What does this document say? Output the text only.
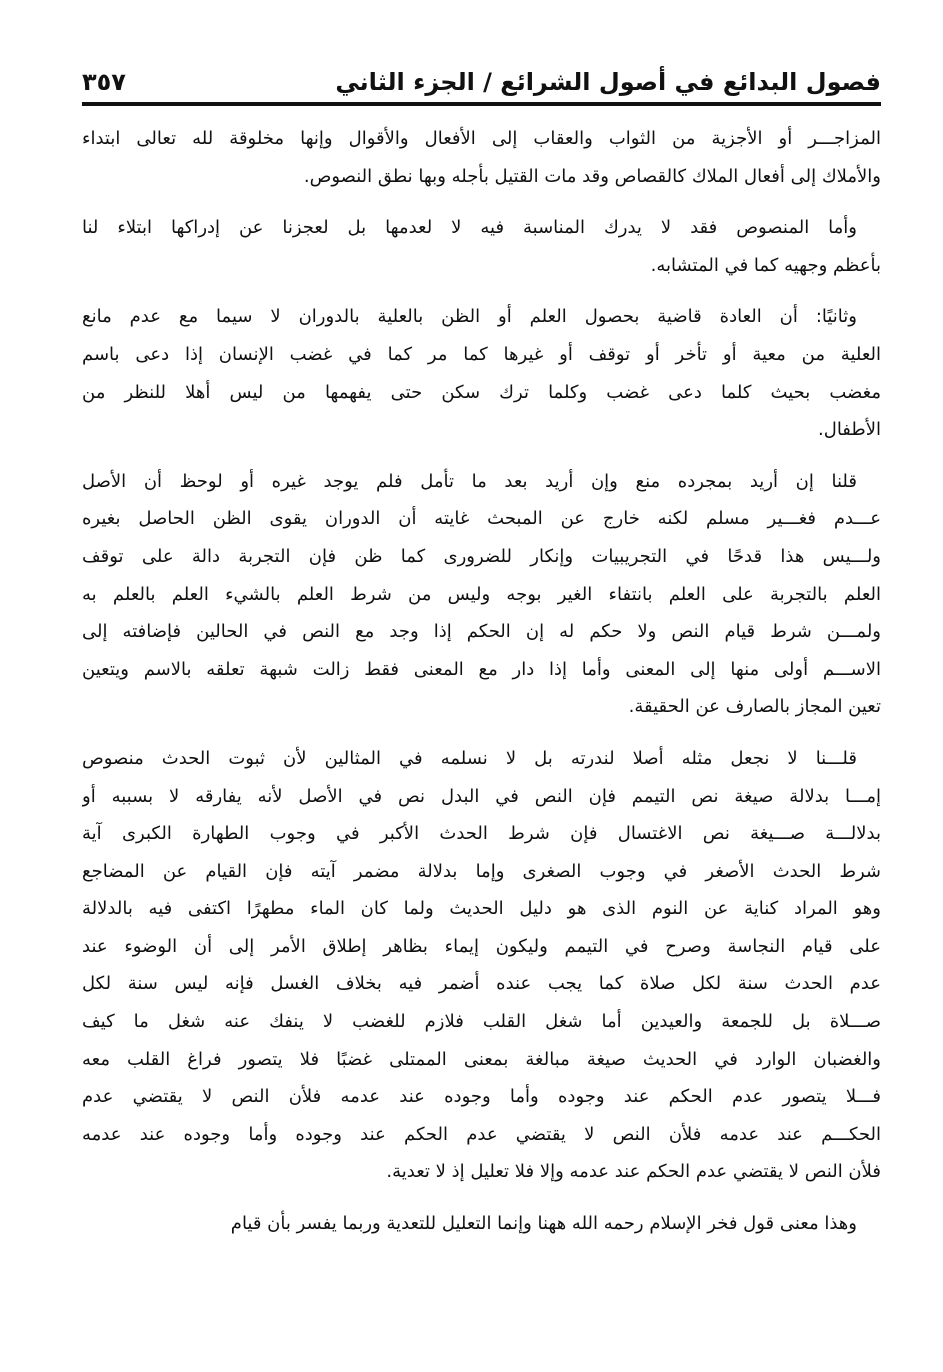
فصول البدائع في أصول الشرائع / الجزء الثاني
٣٥٧
المزاجـــر أو الأجزية من الثواب والعقاب إلى الأفعال والأقوال وإنها مخلوقة لله تعالى ابتداء
والأملاك إلى أفعال الملاك كالقصاص وقد مات القتيل بأجله وبها نطق النصوص.
وأما المنصوص فقد لا يدرك المناسبة فيه لا لعدمها بل لعجزنا عن إدراكها ابتلاء لنا
بأعظم وجهيه كما في المتشابه.
وثانيًا: أن العادة قاضية بحصول العلم أو الظن بالعلية بالدوران لا سيما مع عدم مانع
العلية من معية أو تأخر أو توقف أو غيرها كما مر كما في غضب الإنسان إذا دعى باسم
مغضب بحيث كلما دعى غضب وكلما ترك سكن حتى يفهمها من ليس أهلا للنظر من
الأطفال.
قلنا إن أريد بمجرده منع وإن أريد بعد ما تأمل فلم يوجد غيره أو لوحظ أن الأصل
عـــدم فغـــير مسلم لكنه خارج عن المبحث غايته أن الدوران يقوى الظن الحاصل بغيره
ولـــيس هذا قدحًا في التجريبيات وإنكار للضرورى كما ظن فإن التجربة دالة على توقف
العلم بالتجربة على العلم بانتفاء الغير بوجه وليس من شرط العلم بالشيء العلم بالعلم به
ولمـــن شرط قيام النص ولا حكم له إن الحكم إذا وجد مع النص في الحالين فإضافته إلى
الاســـم أولى منها إلى المعنى وأما إذا دار مع المعنى فقط زالت شبهة تعلقه بالاسم ويتعين
تعين المجاز بالصارف عن الحقيقة.
قلـــنا لا نجعل مثله أصلا لندرته بل لا نسلمه في المثالين لأن ثبوت الحدث منصوص
إمـــا بدلالة صيغة نص التيمم فإن النص في البدل نص في الأصل لأنه يفارقه لا بسببه أو
بدلالـــة صـــيغة نص الاغتسال فإن شرط الحدث الأكبر في وجوب الطهارة الكبرى آية
شرط الحدث الأصغر في وجوب الصغرى وإما بدلالة مضمر آيته فإن القيام عن المضاجع
وهو المراد كناية عن النوم الذى هو دليل الحديث ولما كان الماء مطهرًا اكتفى فيه بالدلالة
على قيام النجاسة وصرح في التيمم وليكون إيماء بظاهر إطلاق الأمر إلى أن الوضوء عند
عدم الحدث سنة لكل صلاة كما يجب عنده أضمر فيه بخلاف الغسل فإنه ليس سنة لكل
صـــلاة بل للجمعة والعيدين أما شغل القلب فلازم للغضب لا ينفك عنه شغل ما كيف
والغضبان الوارد في الحديث صيغة مبالغة بمعنى الممتلى غضبًا فلا يتصور فراغ القلب معه
فـــلا يتصور عدم الحكم عند وجوده وأما وجوده عند عدمه فلأن النص لا يقتضي عدم
الحكـــم عند عدمه فلأن النص لا يقتضي عدم الحكم عند وجوده وأما وجوده عند عدمه
فلأن النص لا يقتضي عدم الحكم عند عدمه وإلا فلا تعليل إذ لا تعدية.
وهذا معنى قول فخر الإسلام رحمه الله ههنا وإنما التعليل للتعدية وربما يفسر بأن قيام
